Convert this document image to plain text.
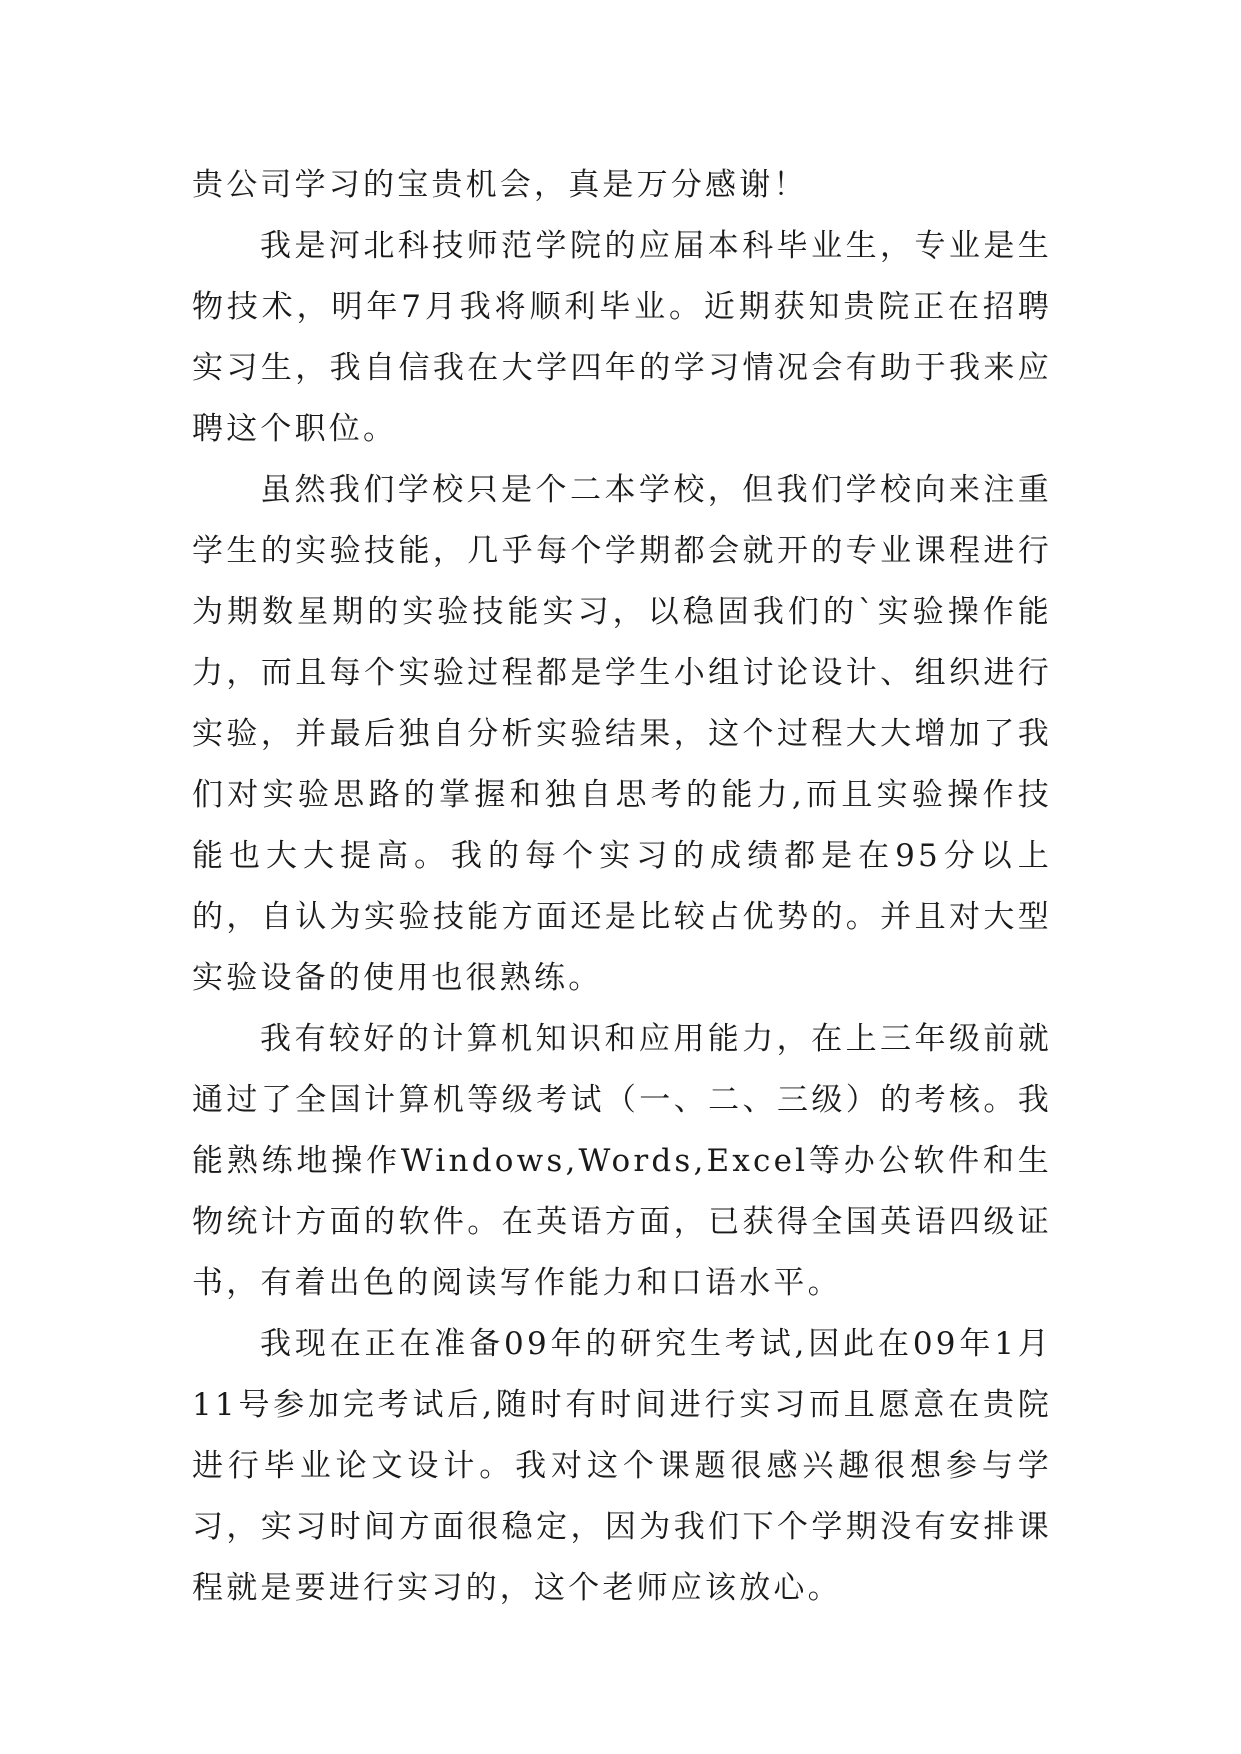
贵公司学习的宝贵机会，真是万分感谢！

我是河北科技师范学院的应届本科毕业生，专业是生物技术，明年7月我将顺利毕业。近期获知贵院正在招聘实习生，我自信我在大学四年的学习情况会有助于我来应聘这个职位。

虽然我们学校只是个二本学校，但我们学校向来注重学生的实验技能，几乎每个学期都会就开的专业课程进行为期数星期的实验技能实习，以稳固我们的`实验操作能力，而且每个实验过程都是学生小组讨论设计、组织进行实验，并最后独自分析实验结果，这个过程大大增加了我们对实验思路的掌握和独自思考的能力,而且实验操作技能也大大提高。我的每个实习的成绩都是在95分以上的，自认为实验技能方面还是比较占优势的。并且对大型实验设备的使用也很熟练。

我有较好的计算机知识和应用能力，在上三年级前就通过了全国计算机等级考试（一、二、三级）的考核。我能熟练地操作Windows,Words,Excel等办公软件和生物统计方面的软件。在英语方面，已获得全国英语四级证书，有着出色的阅读写作能力和口语水平。

我现在正在准备09年的研究生考试,因此在09年1月11号参加完考试后,随时有时间进行实习而且愿意在贵院进行毕业论文设计。我对这个课题很感兴趣很想参与学习，实习时间方面很稳定，因为我们下个学期没有安排课程就是要进行实习的，这个老师应该放心。
